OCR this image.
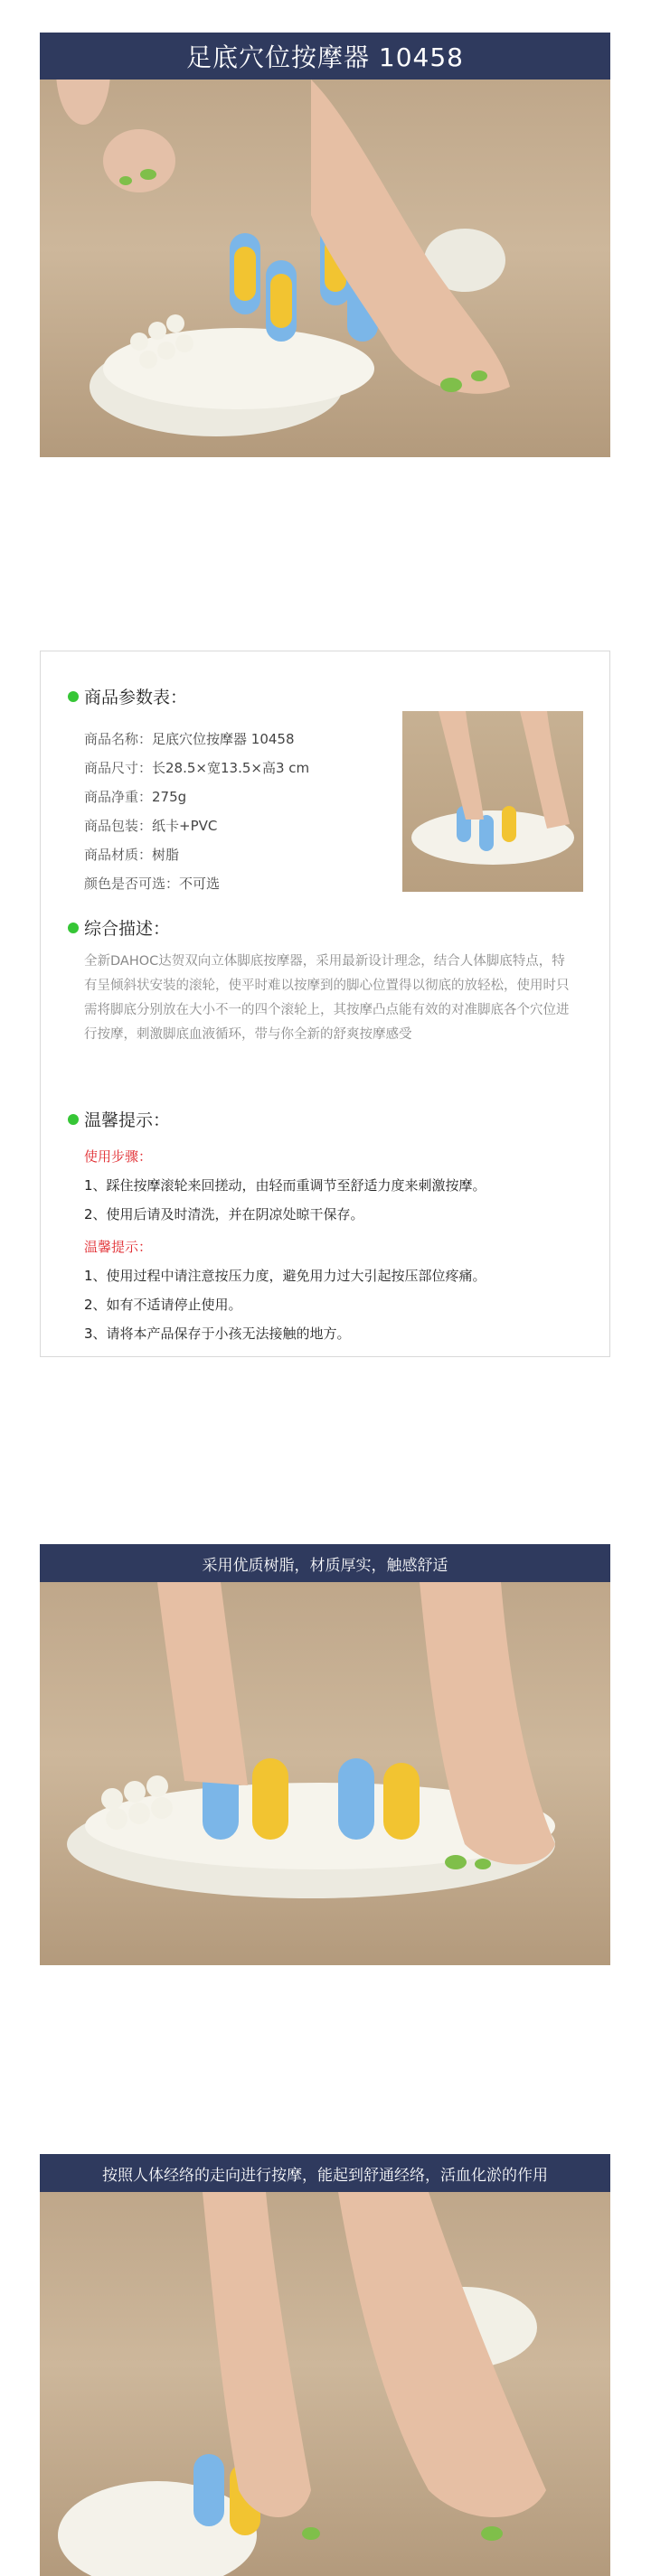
足底穴位按摩器 10458
商品参数表：
商品名称：足底穴位按摩器 10458
商品尺寸：长28.5×宽13.5×高3 cm
商品净重：275g
商品包装：纸卡+PVC
商品材质：树脂
颜色是否可选：不可选
综合描述：
全新DAHOC达贺双向立体脚底按摩器，采用最新设计理念，结合人体脚底特点，特有呈倾斜状安装的滚轮，使平时难以按摩到的脚心位置得以彻底的放轻松，使用时只需将脚底分别放在大小不一的四个滚轮上，其按摩凸点能有效的对准脚底各个穴位进行按摩，刺激脚底血液循环，带与你全新的舒爽按摩感受
温馨提示：
使用步骤：
1、踩住按摩滚轮来回搓动，由轻而重调节至舒适力度来刺激按摩。
2、使用后请及时清洗，并在阴凉处晾干保存。
温馨提示：
1、使用过程中请注意按压力度，避免用力过大引起按压部位疼痛。
2、如有不适请停止使用。
3、请将本产品保存于小孩无法接触的地方。
采用优质树脂，材质厚实，触感舒适
按照人体经络的走向进行按摩，能起到舒通经络，活血化淤的作用
